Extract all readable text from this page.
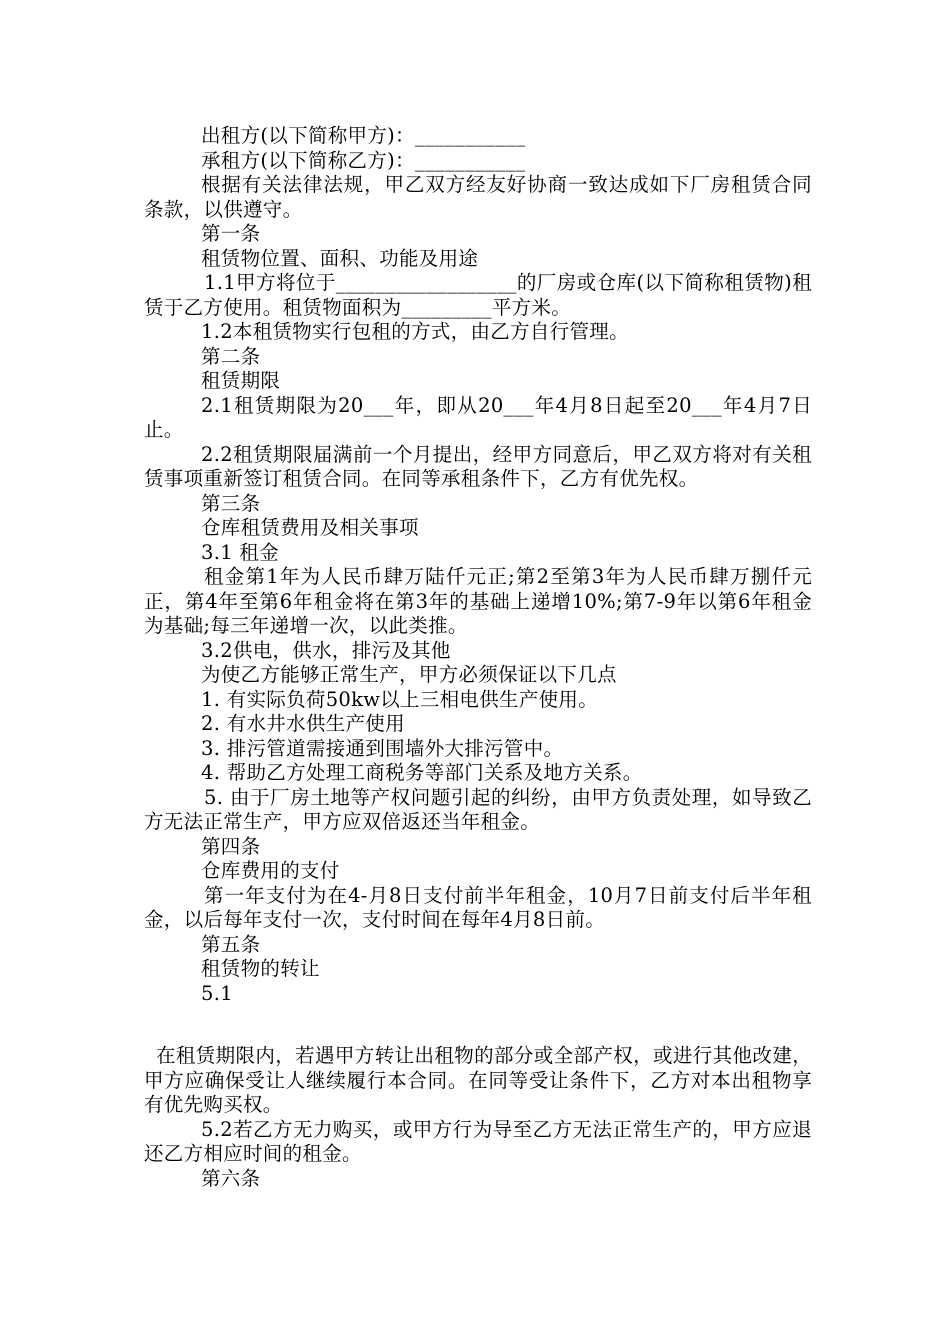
出租方(以下简称甲方)：___________

承租方(以下简称乙方)：___________

根据有关法律法规，甲乙双方经友好协商一致达成如下厂房租赁合同条款，以供遵守。

第一条

租赁物位置、面积、功能及用途

1.1甲方将位于__________________的厂房或仓库(以下简称租赁物)租赁于乙方使用。租赁物面积为_________平方米。

1.2本租赁物实行包租的方式，由乙方自行管理。

第二条

租赁期限

2.1租赁期限为20___年，即从20___年4月8日起至20___年4月7日止。

2.2租赁期限届满前一个月提出，经甲方同意后，甲乙双方将对有关租赁事项重新签订租赁合同。在同等承租条件下，乙方有优先权。

第三条

仓库租赁费用及相关事项

3.1 租金

租金第1年为人民币肆万陆仟元正;第2至第3年为人民币肆万捌仟元正，第4年至第6年租金将在第3年的基础上递增10%;第7-9年以第6年租金为基础;每三年递增一次，以此类推。

3.2供电，供水，排污及其他

为使乙方能够正常生产，甲方必须保证以下几点

1. 有实际负荷50kw以上三相电供生产使用。

2. 有水井水供生产使用

3. 排污管道需接通到围墙外大排污管中。

4. 帮助乙方处理工商税务等部门关系及地方关系。

5. 由于厂房土地等产权问题引起的纠纷，由甲方负责处理，如导致乙方无法正常生产，甲方应双倍返还当年租金。

第四条

仓库费用的支付

第一年支付为在4-月8日支付前半年租金，10月7日前支付后半年租金，以后每年支付一次，支付时间在每年4月8日前。

第五条

租赁物的转让

5.1

在租赁期限内，若遇甲方转让出租物的部分或全部产权，或进行其他改建，甲方应确保受让人继续履行本合同。在同等受让条件下，乙方对本出租物享有优先购买权。

5.2若乙方无力购买，或甲方行为导至乙方无法正常生产的，甲方应退还乙方相应时间的租金。

第六条
